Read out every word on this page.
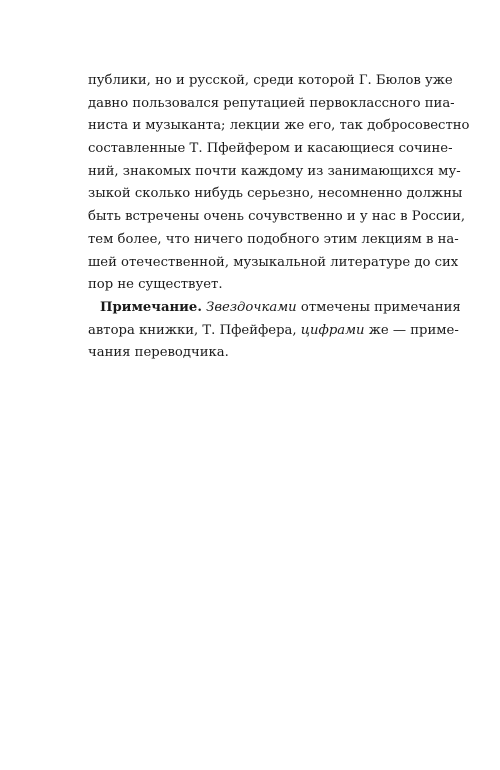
публики, но и русской, среди которой Г. Бюлов уже
давно пользовался репутацией первоклассного пиа-
ниста и музыканта; лекции же его, так добросовестно
составленные Т. Пфейфером и касающиеся сочине-
ний, знакомых почти каждому из занимающихся му-
зыкой сколько нибудь серьезно, несомненно должны
быть встречены очень сочувственно и у нас в России,
тем более, что ничего подобного этим лекциям в на-
шей отечественной, музыкальной литературе до сих
пор не существует.
Примечание. Звездочками отмечены примечания
автора книжки, Т. Пфейфера, цифрами же — приме-
чания переводчика.
